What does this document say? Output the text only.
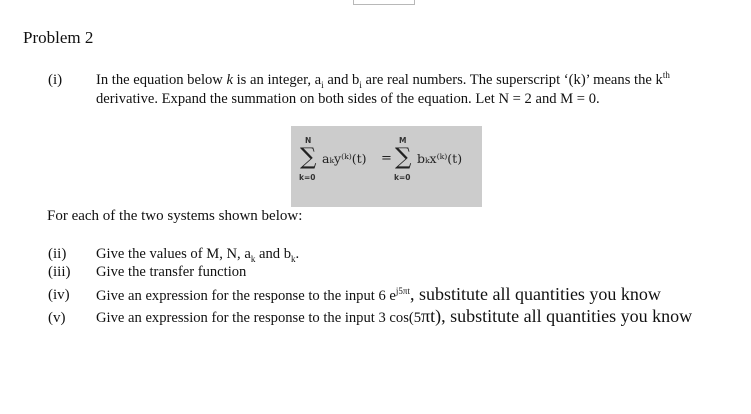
Problem 2
(i) In the equation below k is an integer, $a_i$ and $b_i$ are real numbers. The superscript ‘(k)’ means the $k^{th}$
derivative. Expand the summation on both sides of the equation. Let N = 2 and M = 0.
N
∑
k=0
aₖy⁽ᵏ⁾(t) =
M
∑
k=0
bₖx⁽ᵏ⁾(t)
For each of the two systems shown below:
(ii) Give the values of M, N, $a_k$ and $b_k$.
(iii) Give the transfer function
(iv) Give an expression for the response to the input 6 $e^{j5\pi t}$, substitute all quantities you know
(v) Give an expression for the response to the input 3 cos(5πt), substitute all quantities you know
